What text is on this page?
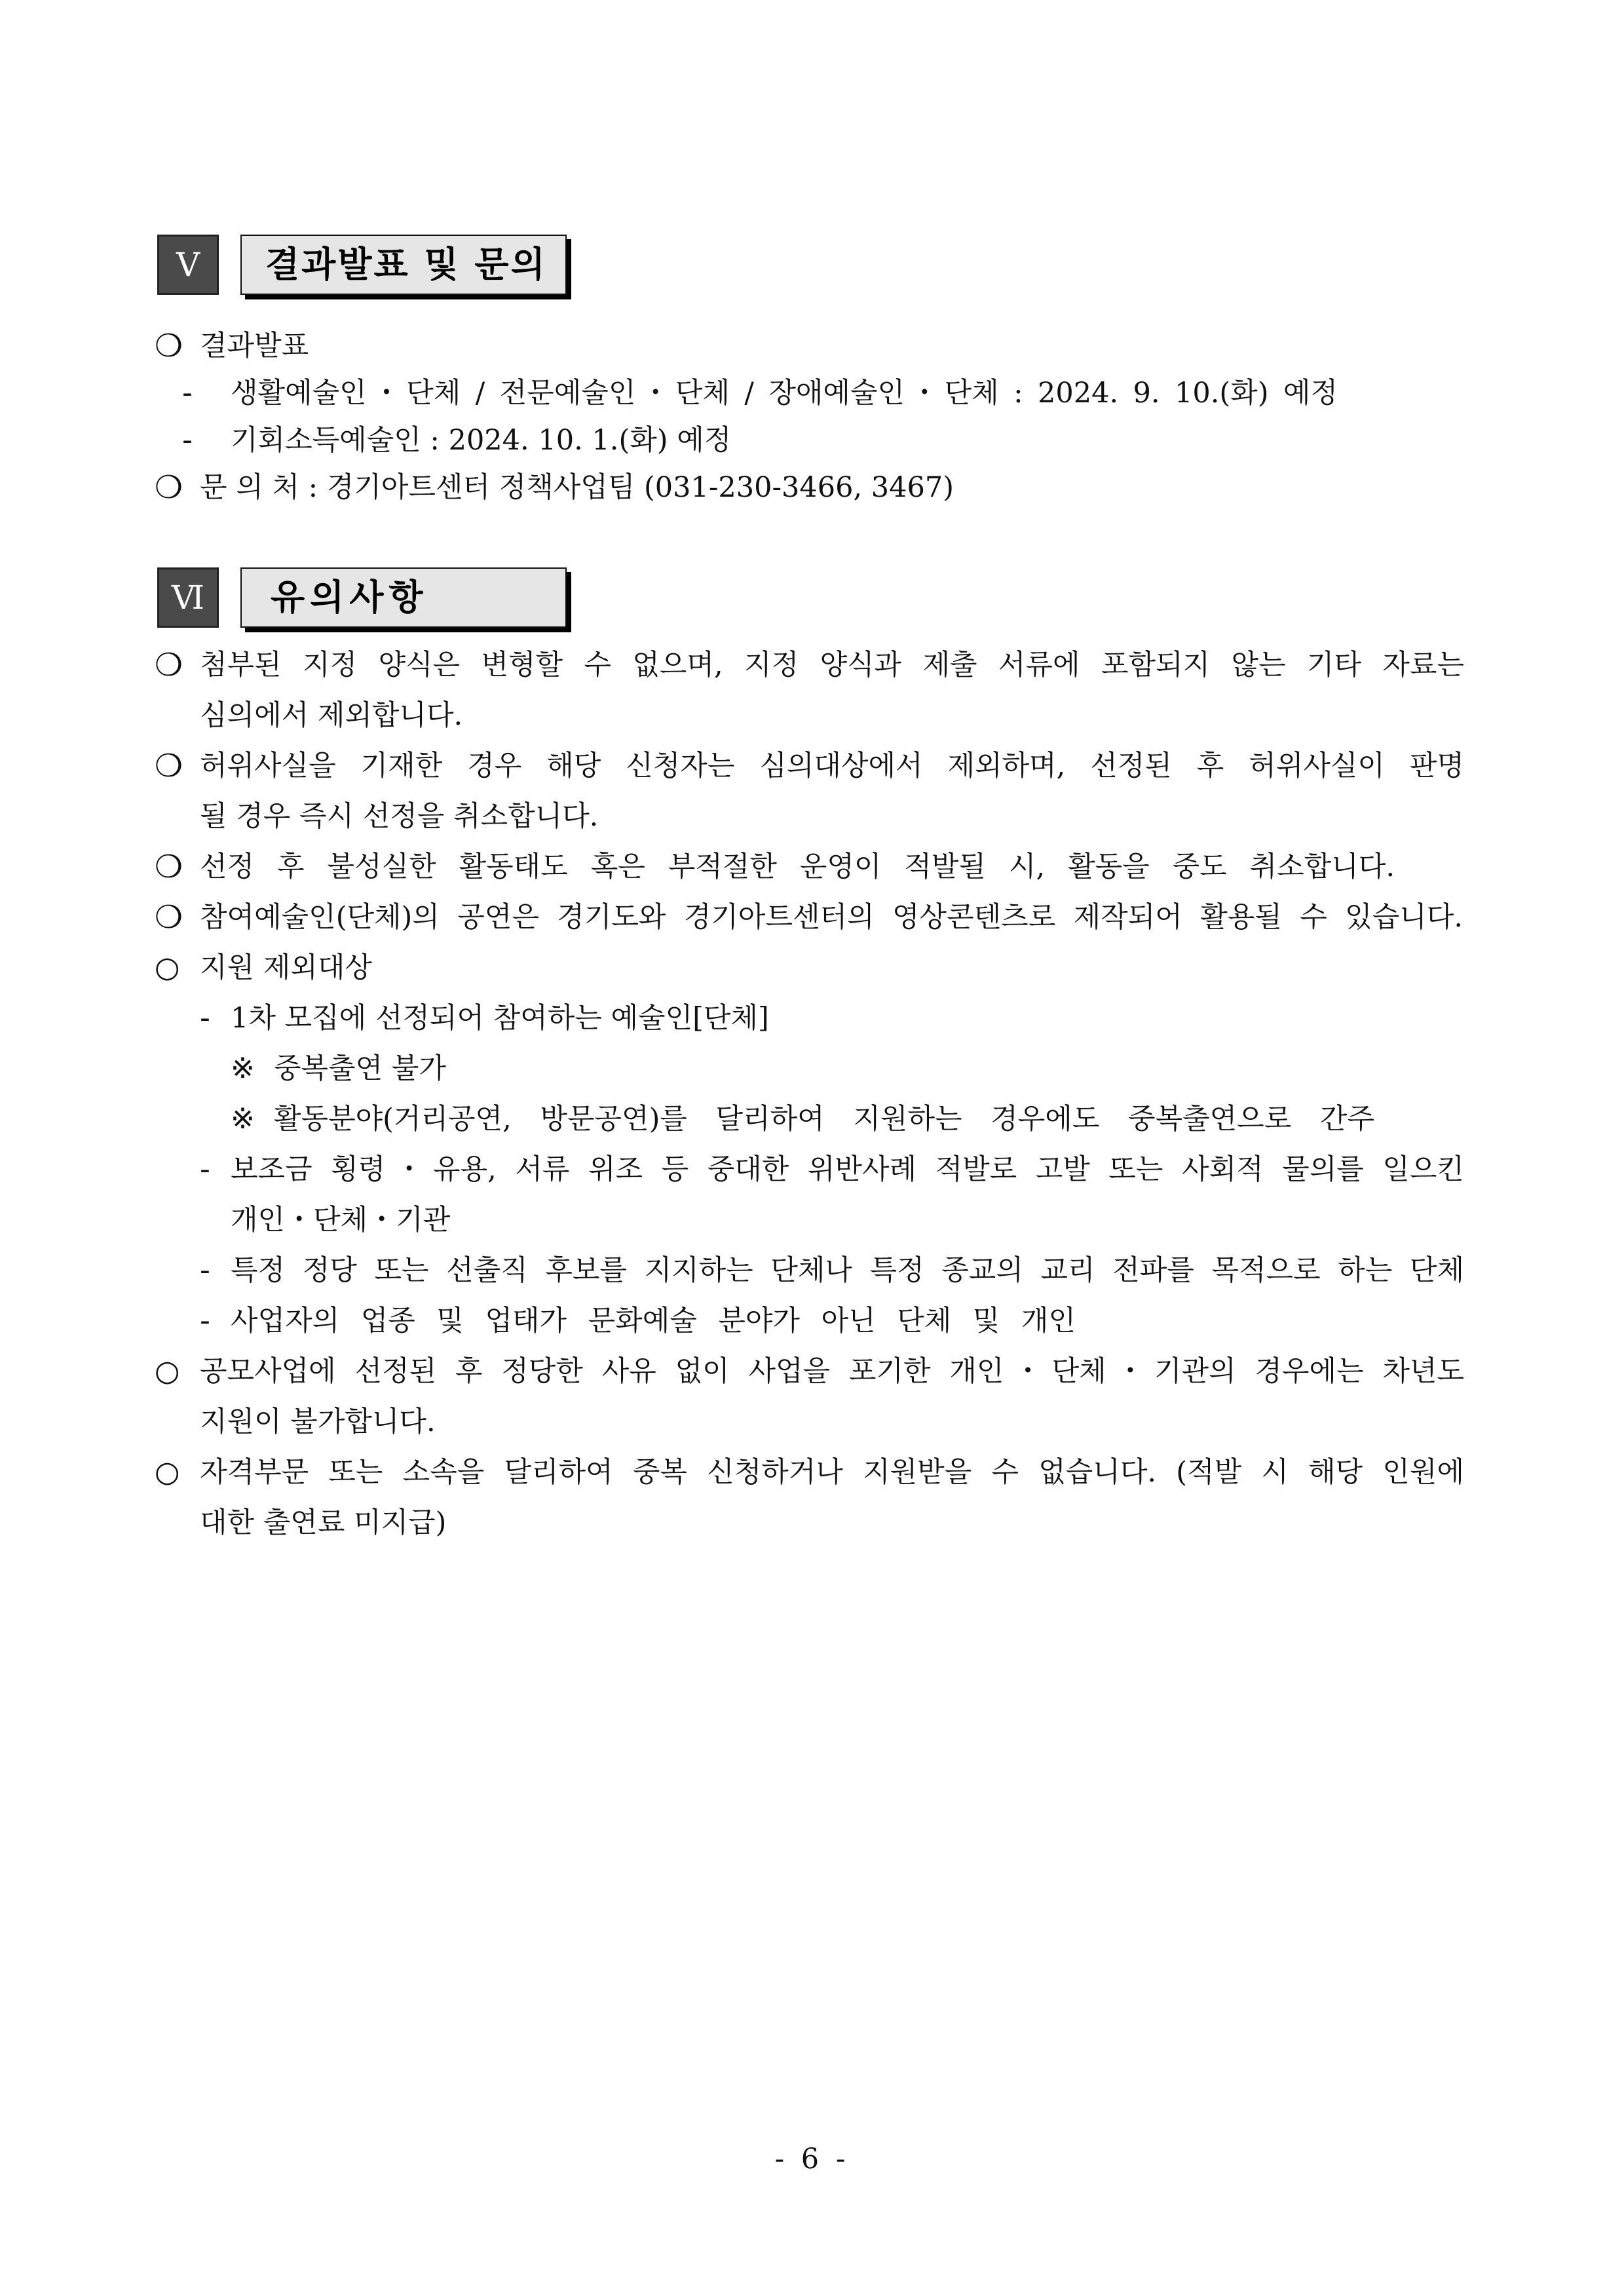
Ⅴ	결과발표 및 문의
❍ 결과발표
- 생활예술인・단체 / 전문예술인・단체 / 장애예술인・단체 : 2024. 9. 10.(화) 예정
- 기회소득예술인 : 2024. 10. 1.(화) 예정
❍ 문 의 처 : 경기아트센터 정책사업팀 (031-230-3466, 3467)
Ⅵ	유의사항
❍ 첨부된 지정 양식은 변형할 수 없으며, 지정 양식과 제출 서류에 포함되지 않는 기타 자료는
심의에서 제외합니다.
❍ 허위사실을 기재한 경우 해당 신청자는 심의대상에서 제외하며, 선정된 후 허위사실이 판명
될 경우 즉시 선정을 취소합니다.
❍ 선정 후 불성실한 활동태도 혹은 부적절한 운영이 적발될 시, 활동을 중도 취소합니다.
❍ 참여예술인(단체)의 공연은 경기도와 경기아트센터의 영상콘텐츠로 제작되어 활용될 수 있습니다.
○ 지원 제외대상
- 1차 모집에 선정되어 참여하는 예술인[단체]
※ 중복출연 불가
※ 활동분야(거리공연, 방문공연)를 달리하여 지원하는 경우에도 중복출연으로 간주
- 보조금 횡령・유용, 서류 위조 등 중대한 위반사례 적발로 고발 또는 사회적 물의를 일으킨
개인・단체・기관
- 특정 정당 또는 선출직 후보를 지지하는 단체나 특정 종교의 교리 전파를 목적으로 하는 단체
- 사업자의 업종 및 업태가 문화예술 분야가 아닌 단체 및 개인
○ 공모사업에 선정된 후 정당한 사유 없이 사업을 포기한 개인・단체・기관의 경우에는 차년도
지원이 불가합니다.
○ 자격부문 또는 소속을 달리하여 중복 신청하거나 지원받을 수 없습니다. (적발 시 해당 인원에
대한 출연료 미지급)
- 6 -
